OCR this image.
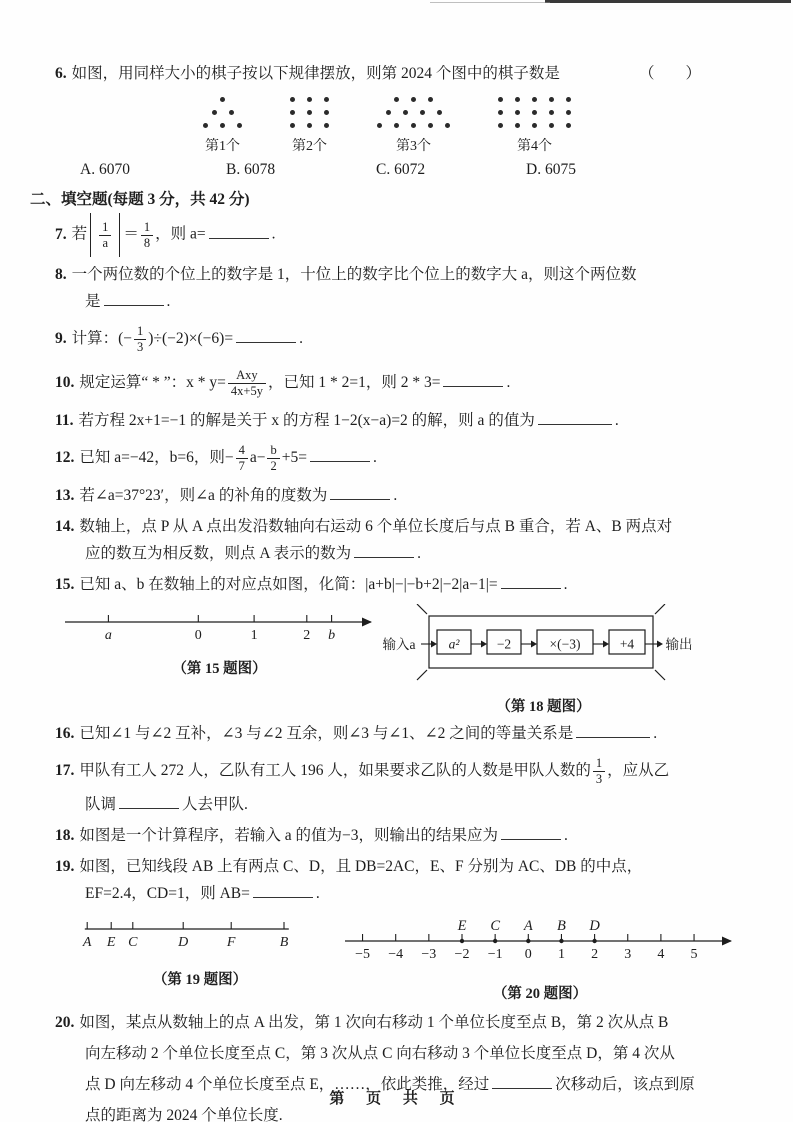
6. 如图，用同样大小的棋子按以下规律摆放，则第 2024 个图中的棋子数是	（　　）
第1个	第2个	第3个	第4个
A. 6070	B. 6078	C. 6072	D. 6075
二、填空题(每题 3 分，共 42 分)
7. 若 $\frac{1}{a} = \frac{1}{8}$ ，则 a=	.
8. 一个两位数的个位上的数字是 1，十位上的数字比个位上的数字大 a，则这个两位数
是	.
9. 计算：(− $\frac{1}{3} )\div(-2)\times(-6)=$	.
10. 规定运算“ * ”：$x * y= \frac{\text{Axy}}{4x+5y}$ ，已知 1 * 2=1，则 2 * 3=	.
11. 若方程 2x+1=−1 的解是关于 x 的方程 1−2(x−a)=2 的解，则 a 的值为	.
12. 已知 a=−42，b=6，则− $\frac{4}{7} a- \frac{b}{2} +5=$	.
13. 若∠a=37°23′，则∠a 的补角的度数为	.
14. 数轴上，点 P 从 A 点出发沿数轴向右运动 6 个单位长度后与点 B 重合，若 A、B 两点对
应的数互为相反数，则点 A 表示的数为	.
15. 已知 a、b 在数轴上的对应点如图，化简：|a+b|−|−b+2|−2|a−1|=	.
a	0	1	2 b
（第 15 题图）
输入a a²	−2	×(−3)	+4 输出
（第 18 题图）
16. 已知∠1 与∠2 互补，∠3 与∠2 互余，则∠3 与∠1、∠2 之间的等量关系是	.
17. 甲队有工人 272 人，乙队有工人 196 人，如果要求乙队的人数是甲队人数的 $\frac{1}{3}$ ，应从乙
队调	人去甲队.
18. 如图是一个计算程序，若输入 a 的值为−3，则输出的结果应为	.
19. 如图，已知线段 AB 上有两点 C、D，且 DB=2AC，E、F 分别为 AC、DB 的中点，
EF=2.4，CD=1，则 AB=	.
A E C	D	F	B
（第 19 题图）
−5 −4 −3 −2
E
−1
C
0
A
1
B
2
D
3 4 5
（第 20 题图）
20. 如图，某点从数轴上的点 A 出发，第 1 次向右移动 1 个单位长度至点 B，第 2 次从点 B
向左移动 2 个单位长度至点 C，第 3 次从点 C 向右移动 3 个单位长度至点 D，第 4 次从
点 D 向左移动 4 个单位长度至点 E，……，依此类推，经过	次移动后，该点到原
点的距离为 2024 个单位长度.
第 页 共 页
